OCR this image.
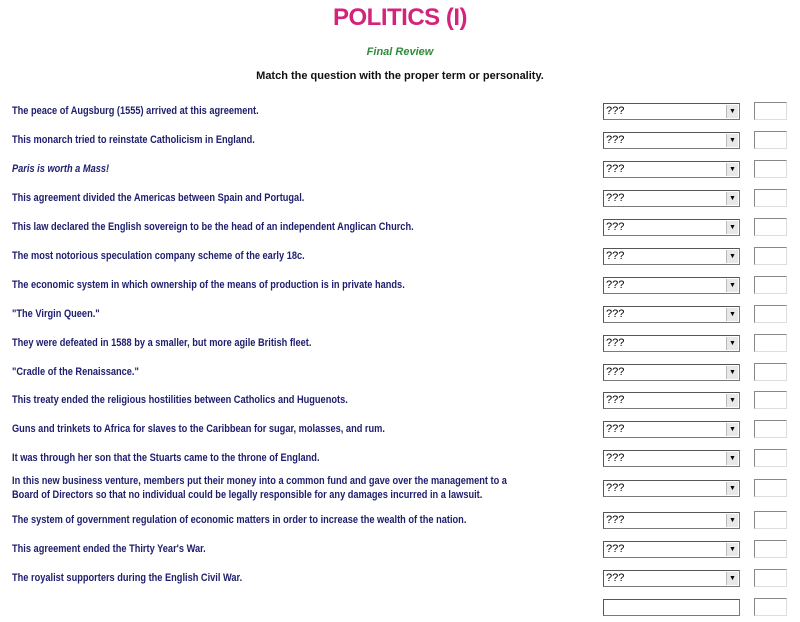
POLITICS (I)
Final Review
Match the question with the proper term or personality.
The peace of Augsburg (1555) arrived at this agreement.	???	▼
This monarch tried to reinstate Catholicism in England.	???	▼
Paris is worth a Mass!	???	▼
This agreement divided the Americas between Spain and Portugal.	???	▼
This law declared the English sovereign to be the head of an independent Anglican Church.	???	▼
The most notorious speculation company scheme of the early 18c.	???	▼
The economic system in which ownership of the means of production is in private hands.	???	▼
"The Virgin Queen."	???	▼
They were defeated in 1588 by a smaller, but more agile British fleet.	???	▼
"Cradle of the Renaissance."	???	▼
This treaty ended the religious hostilities between Catholics and Huguenots.	???	▼
Guns and trinkets to Africa for slaves to the Caribbean for sugar, molasses, and rum.	???	▼
It was through her son that the Stuarts came to the throne of England.	???	▼
In this new business venture, members put their money into a common fund and gave over the management to a
Board of Directors so that no individual could be legally responsible for any damages incurred in a lawsuit.
???	▼
The system of government regulation of economic matters in order to increase the wealth of the nation.	???	▼
This agreement ended the Thirty Year's War.	???	▼
The royalist supporters during the English Civil War.	???	▼
